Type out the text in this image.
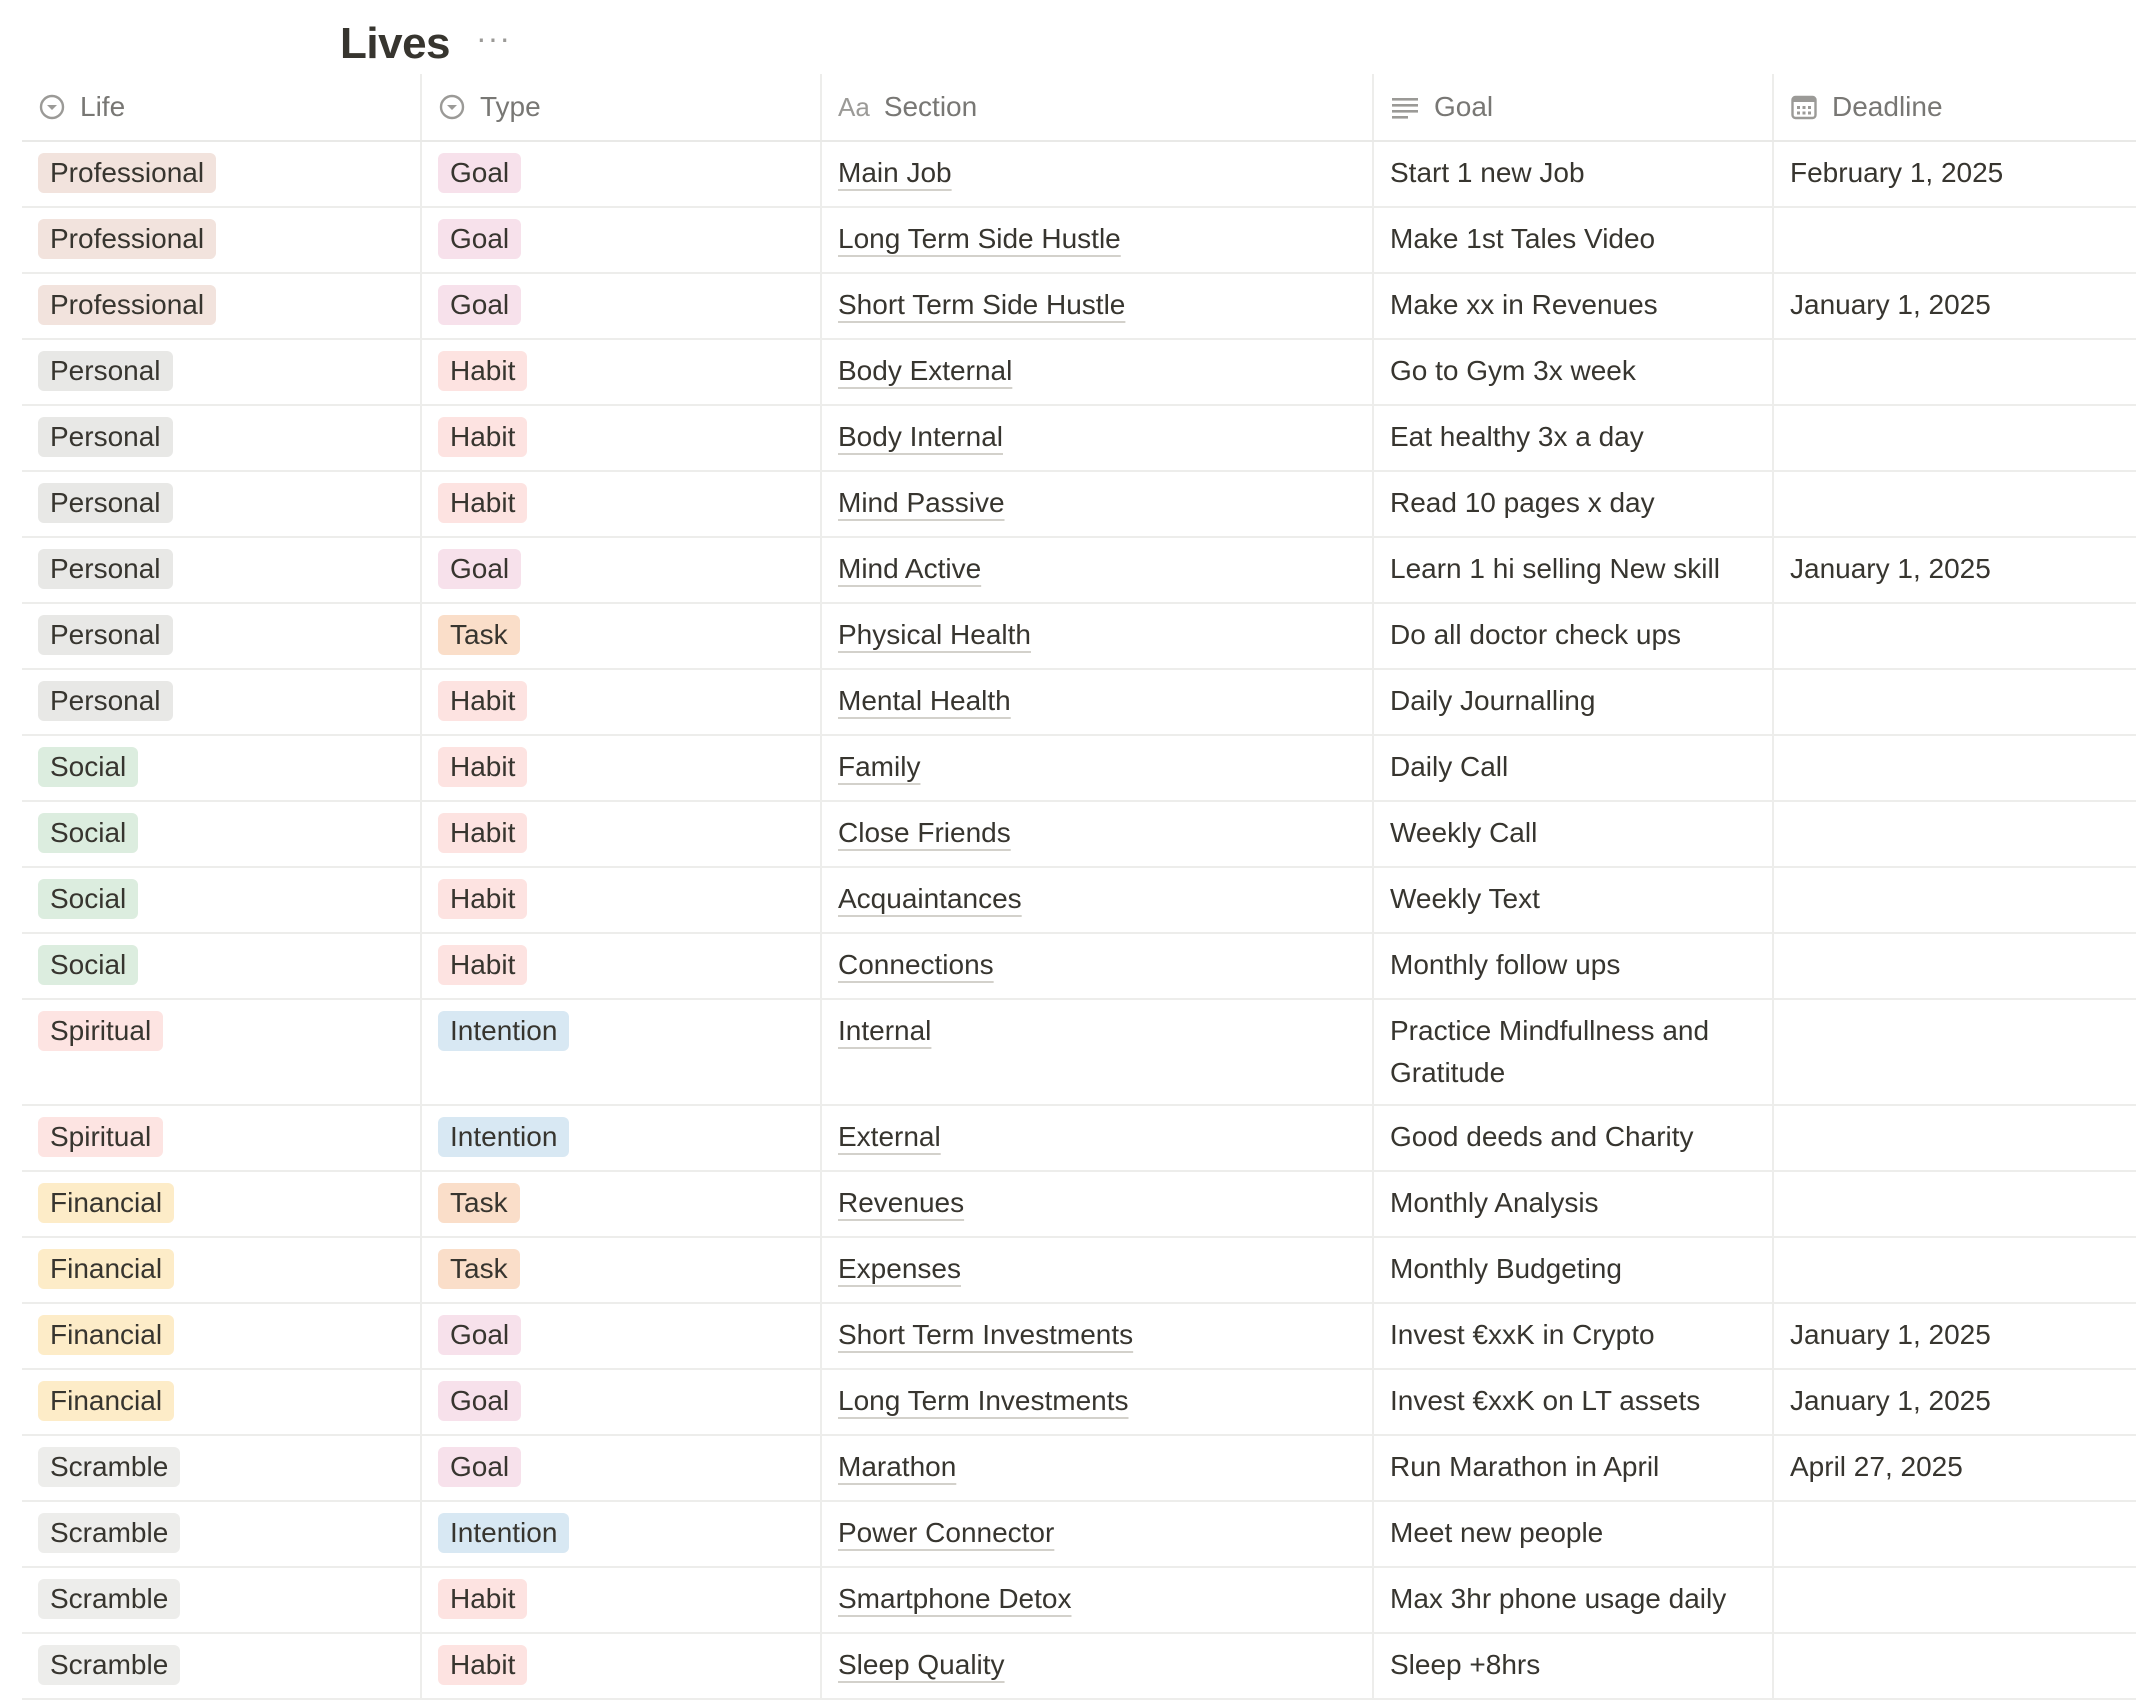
Lives ···
Life	Type	Aa Section	Goal	Deadline
Professional	Goal	Main Job	Start 1 new Job	February 1, 2025
Professional	Goal	Long Term Side Hustle	Make 1st Tales Video
Professional	Goal	Short Term Side Hustle	Make xx in Revenues	January 1, 2025
Personal	Habit	Body External	Go to Gym 3x week
Personal	Habit	Body Internal	Eat healthy 3x a day
Personal	Habit	Mind Passive	Read 10 pages x day
Personal	Goal	Mind Active	Learn 1 hi selling New skill	January 1, 2025
Personal	Task	Physical Health	Do all doctor check ups
Personal	Habit	Mental Health	Daily Journalling
Social	Habit	Family	Daily Call
Social	Habit	Close Friends	Weekly Call
Social	Habit	Acquaintances	Weekly Text
Social	Habit	Connections	Monthly follow ups
Spiritual	Intention	Internal	Practice Mindfullness and Gratitude
Spiritual	Intention	External	Good deeds and Charity
Financial	Task	Revenues	Monthly Analysis
Financial	Task	Expenses	Monthly Budgeting
Financial	Goal	Short Term Investments	Invest €xxK in Crypto	January 1, 2025
Financial	Goal	Long Term Investments	Invest €xxK on LT assets	January 1, 2025
Scramble	Goal	Marathon	Run Marathon in April	April 27, 2025
Scramble	Intention	Power Connector	Meet new people
Scramble	Habit	Smartphone Detox	Max 3hr phone usage daily
Scramble	Habit	Sleep Quality	Sleep +8hrs
